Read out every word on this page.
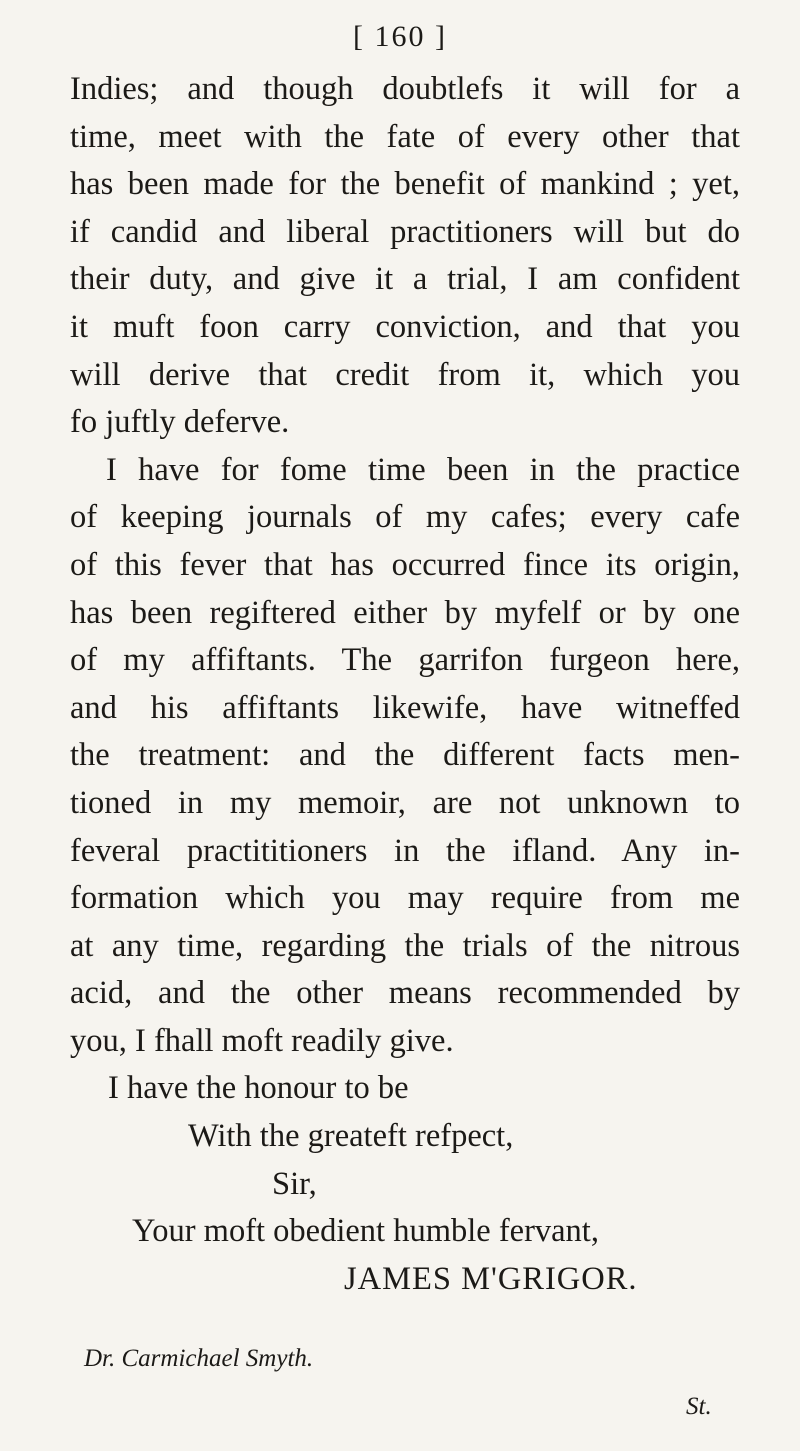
[ 160 ]
Indies; and though doubtlefs it will for a
time, meet with the fate of every other that
has been made for the benefit of mankind ; yet,
if candid and liberal practitioners will but do
their duty, and give it a trial, I am confident
it muft foon carry conviction, and that you
will derive that credit from it, which you
fo juftly deferve.
I have for fome time been in the practice
of keeping journals of my cafes; every cafe
of this fever that has occurred fince its origin,
has been regiftered either by myfelf or by one
of my affiftants. The garrifon furgeon here,
and his affiftants likewife, have witneffed
the treatment: and the different facts men-
tioned in my memoir, are not unknown to
feveral practititioners in the ifland. Any in-
formation which you may require from me
at any time, regarding the trials of the nitrous
acid, and the other means recommended by
you, I fhall moft readily give.
I have the honour to be
With the greateft refpect,
Sir,
Your moft obedient humble fervant,
JAMES M'GRIGOR.
Dr. Carmichael Smyth.
St.
